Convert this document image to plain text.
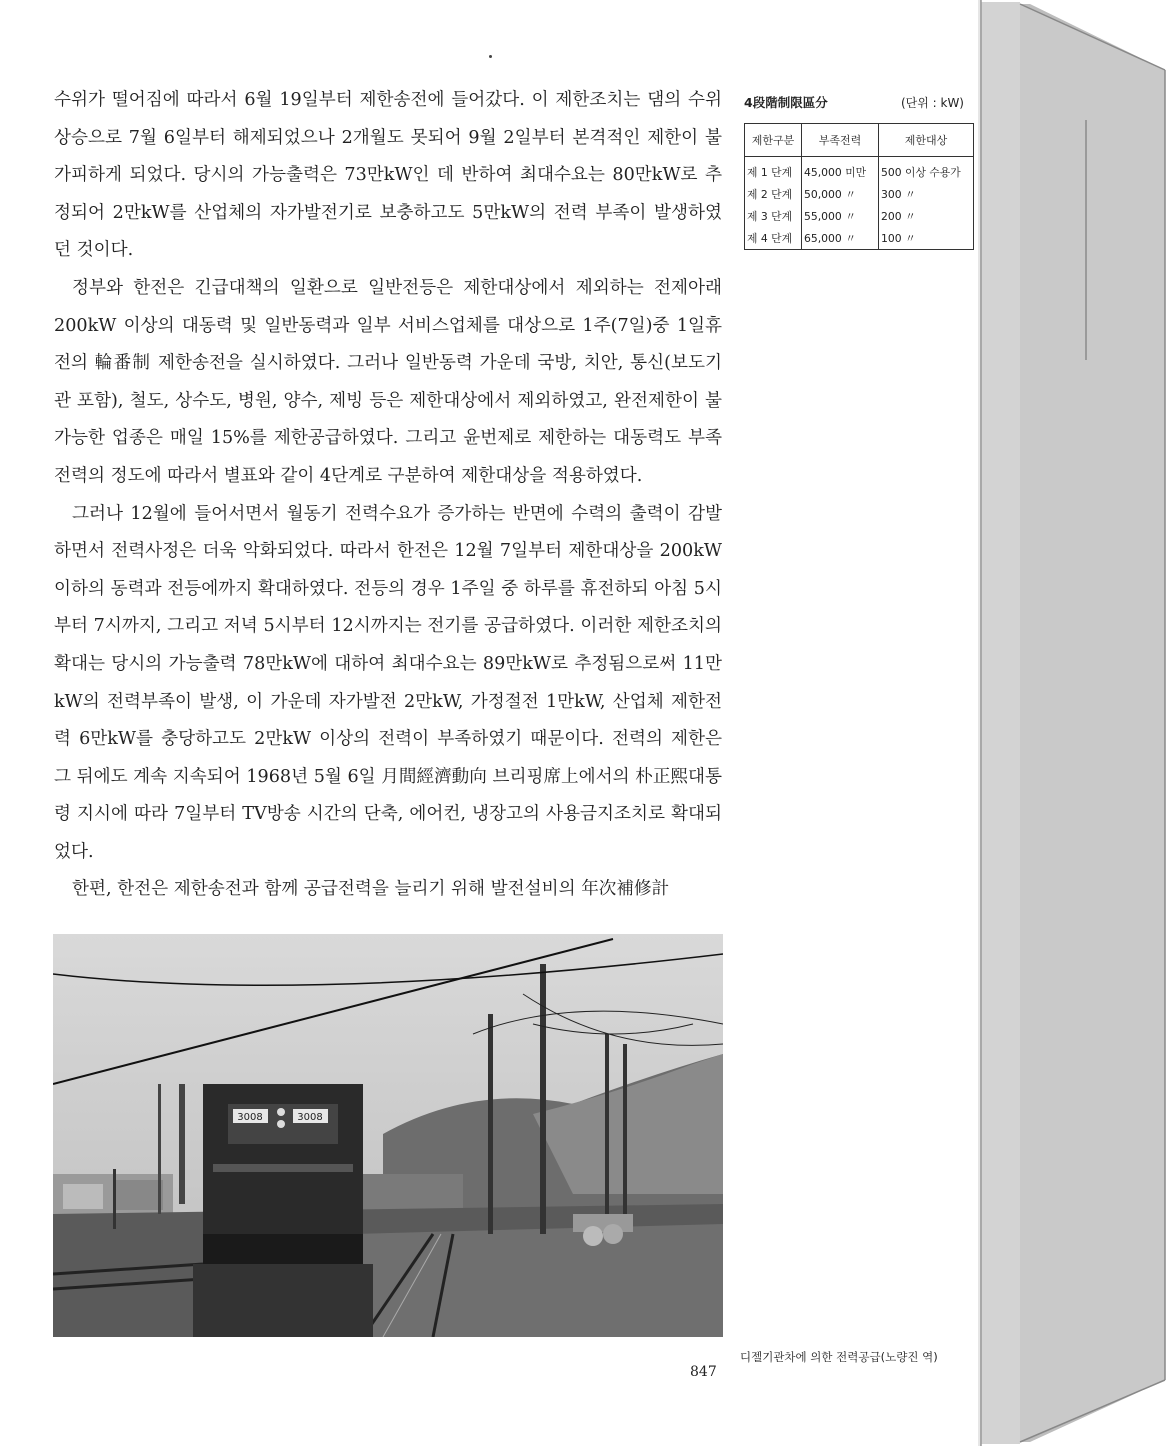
수위가 떨어짐에 따라서 6월 19일부터 제한송전에 들어갔다. 이 제한조치는 댐의 수위상승으로 7월 6일부터 해제되었으나 2개월도 못되어 9월 2일부터 본격적인 제한이 불가피하게 되었다. 당시의 가능출력은 73만kW인 데 반하여 최대수요는 80만kW로 추정되어 2만kW를 산업체의 자가발전기로 보충하고도 5만kW의 전력 부족이 발생하였던 것이다.

정부와 한전은 긴급대책의 일환으로 일반전등은 제한대상에서 제외하는 전제아래 200kW 이상의 대동력 및 일반동력과 일부 서비스업체를 대상으로 1주(7일)중 1일휴전의 輪番制 제한송전을 실시하였다. 그러나 일반동력 가운데 국방, 치안, 통신(보도기관 포함), 철도, 상수도, 병원, 양수, 제빙 등은 제한대상에서 제외하였고, 완전제한이 불가능한 업종은 매일 15%를 제한공급하였다. 그리고 윤번제로 제한하는 대동력도 부족전력의 정도에 따라서 별표와 같이 4단계로 구분하여 제한대상을 적용하였다.

그러나 12월에 들어서면서 월동기 전력수요가 증가하는 반면에 수력의 출력이 감발하면서 전력사정은 더욱 악화되었다. 따라서 한전은 12월 7일부터 제한대상을 200kW 이하의 동력과 전등에까지 확대하였다. 전등의 경우 1주일 중 하루를 휴전하되 아침 5시부터 7시까지, 그리고 저녁 5시부터 12시까지는 전기를 공급하였다. 이러한 제한조치의 확대는 당시의 가능출력 78만kW에 대하여 최대수요는 89만kW로 추정됨으로써 11만kW의 전력부족이 발생, 이 가운데 자가발전 2만kW, 가정절전 1만kW, 산업체 제한전력 6만kW를 충당하고도 2만kW 이상의 전력이 부족하였기 때문이다. 전력의 제한은 그 뒤에도 계속 지속되어 1968년 5월 6일 月間經濟動向 브리핑席上에서의 朴正熙대통령 지시에 따라 7일부터 TV방송 시간의 단축, 에어컨, 냉장고의 사용금지조치로 확대되었다.

한편, 한전은 제한송전과 함께 공급전력을 늘리기 위해 발전설비의 年次補修計

4段階制限區分	(단위 : kW)
제한구분	부족전력	제한대상
제 1 단계	45,000 미만	500 이상 수용가
제 2 단계	50,000 〃	300 〃
제 3 단계	55,000 〃	200 〃
제 4 단계	65,000 〃	100 〃
3008	3008
디젤기관차에 의한 전력공급(노량진 역)
847
